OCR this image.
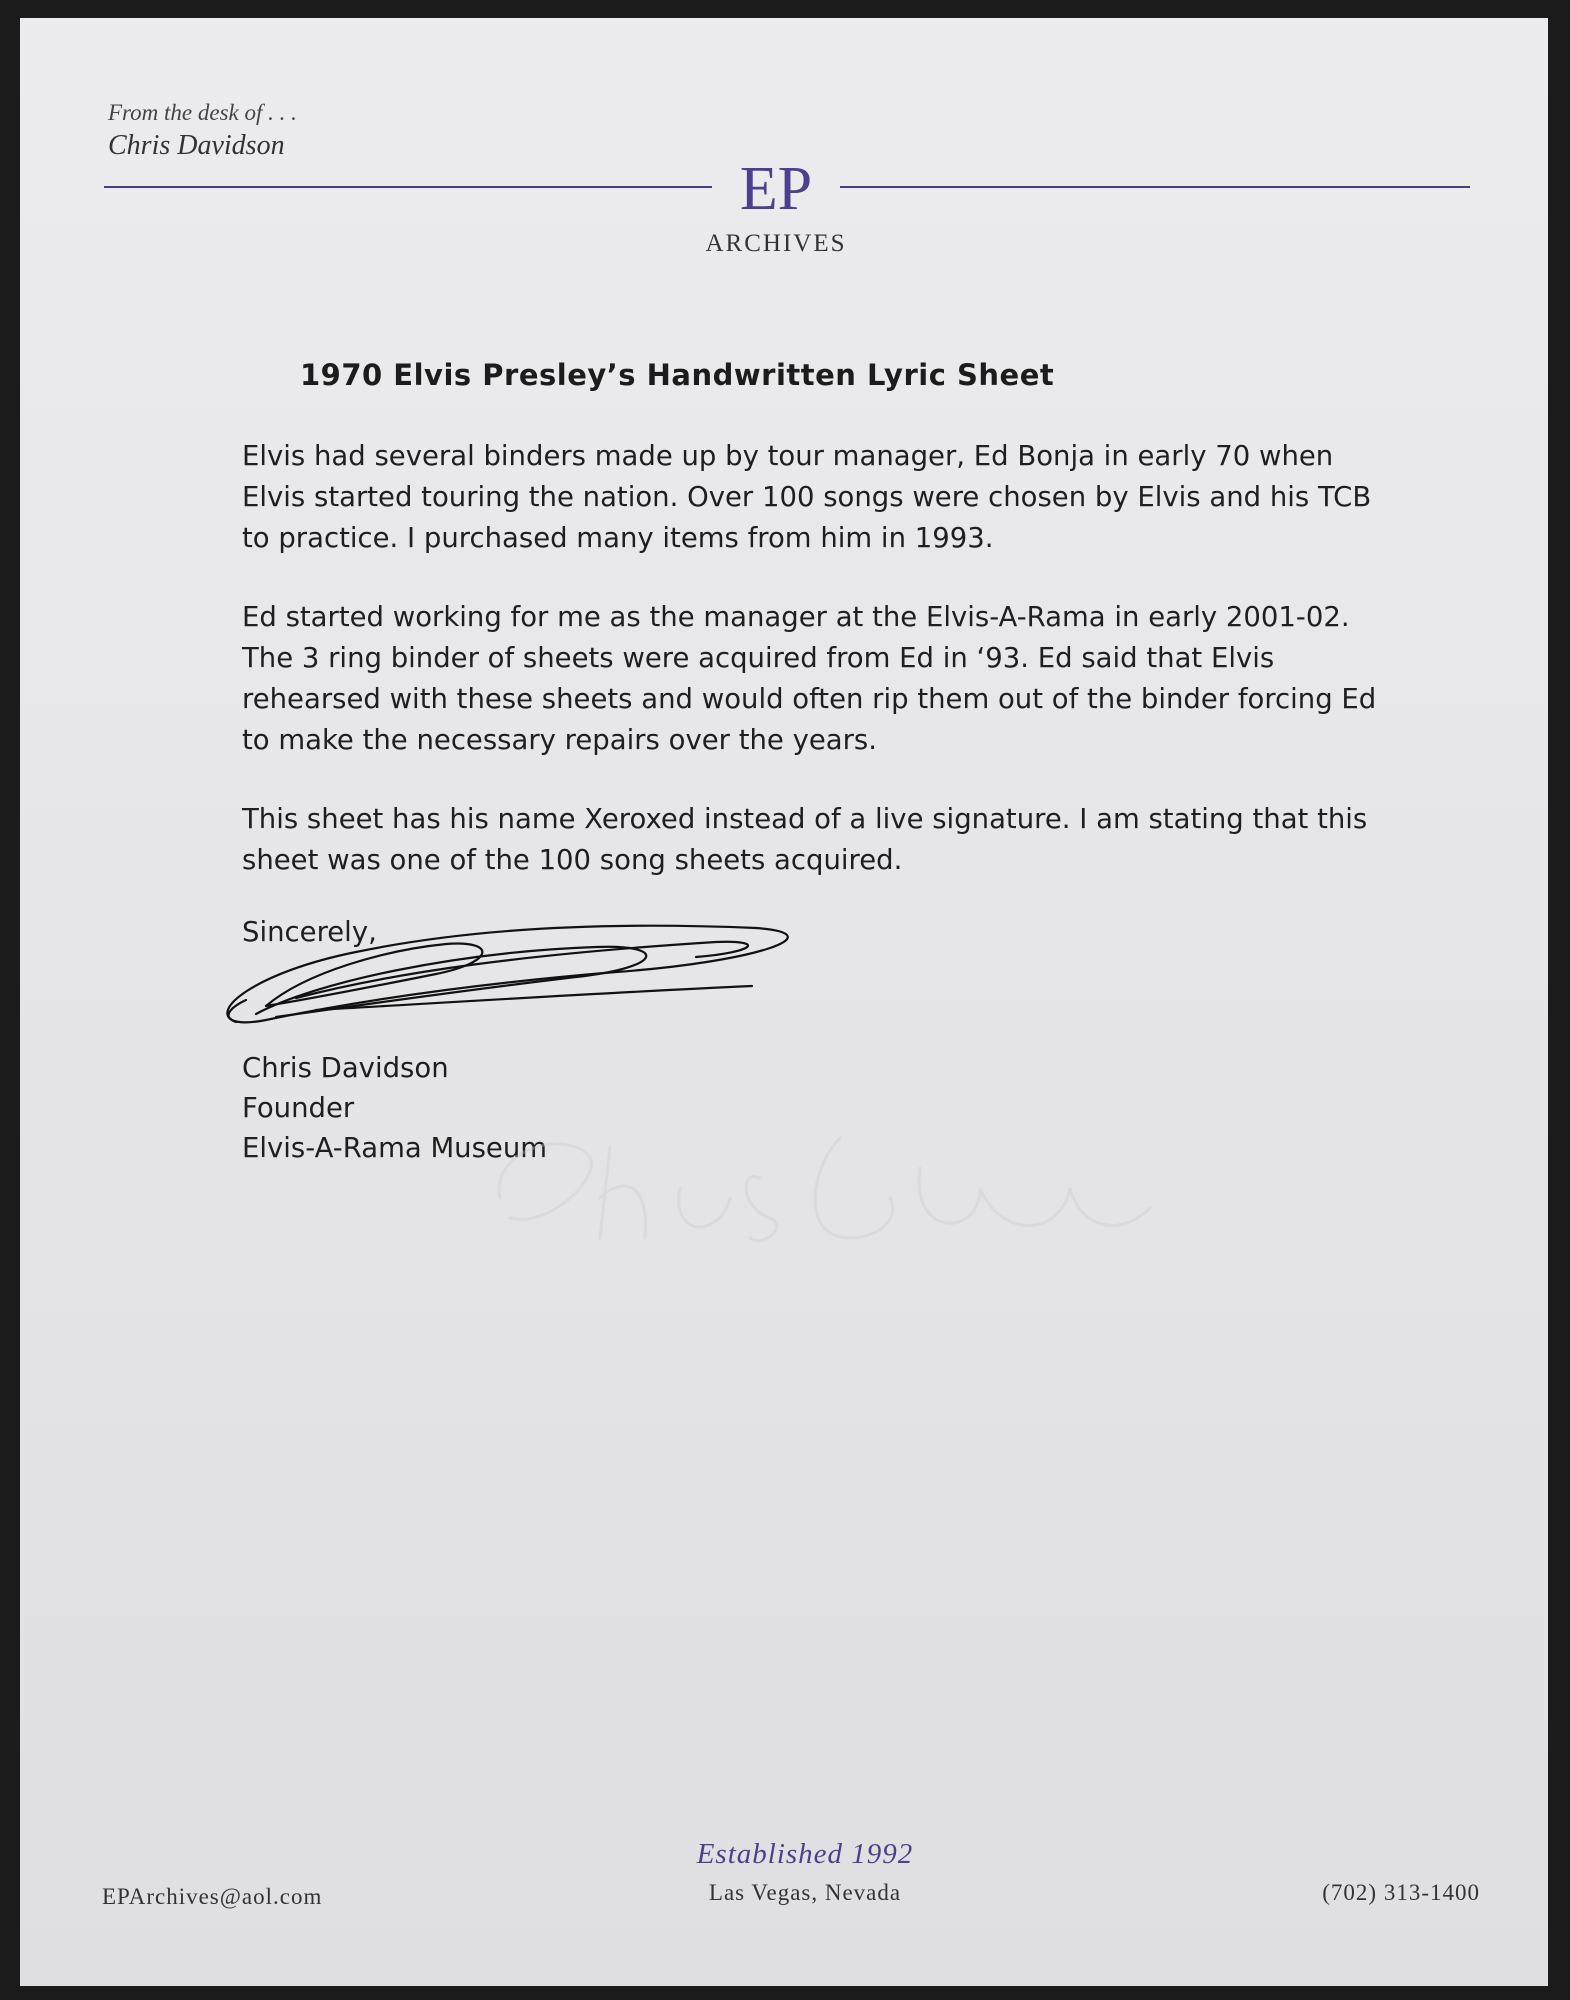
From the desk of . . .
Chris Davidson
EP
ARCHIVES
1970 Elvis Presley’s Handwritten Lyric Sheet

Elvis had several binders made up by tour manager, Ed Bonja in early 70 when Elvis started touring the nation. Over 100 songs were chosen by Elvis and his TCB to practice. I purchased many items from him in 1993.

Ed started working for me as the manager at the Elvis-A-Rama in early 2001-02. The 3 ring binder of sheets were acquired from Ed in ‘93. Ed said that Elvis rehearsed with these sheets and would often rip them out of the binder forcing Ed to make the necessary repairs over the years.

This sheet has his name Xeroxed instead of a live signature. I am stating that this sheet was one of the 100 song sheets acquired.

Sincerely,
Chris Davidson
Founder
Elvis-A-Rama Museum
Established 1992
Las Vegas, Nevada
EPArchives@aol.com	(702) 313-1400
